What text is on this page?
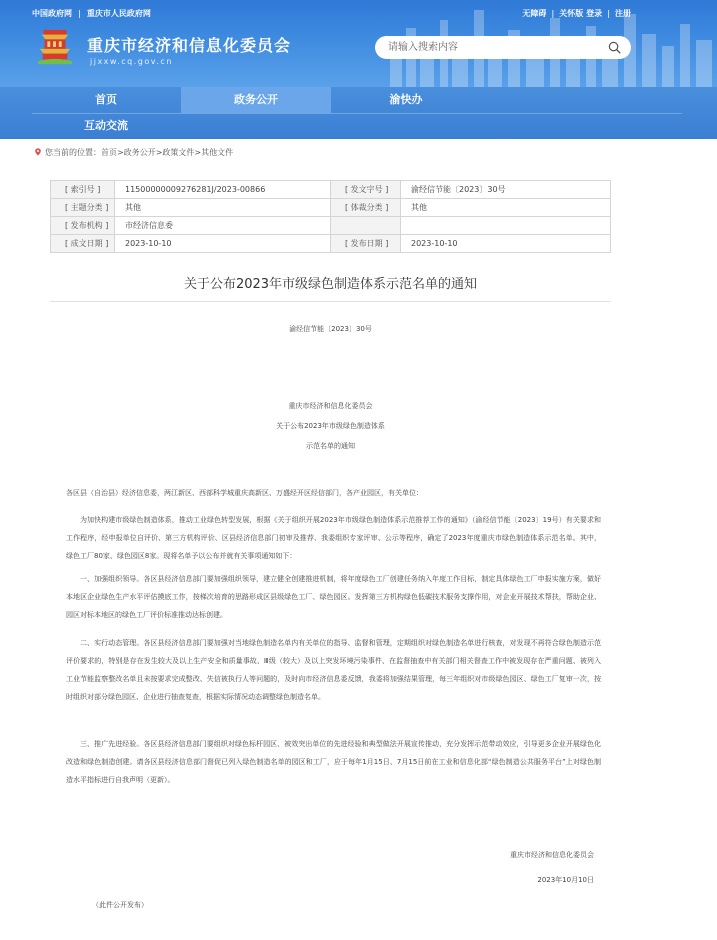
中国政府网 | 重庆市人民政府网	无障碍 | 关怀版 登录 | 注册
重庆市经济和信息化委员会
jjxxw.cq.gov.cn
请输入搜索内容
首页	政务公开	渝快办
互动交流
您当前的位置：首页>政务公开>政策文件>其他文件
[ 索引号 ]	11500000009276281J/2023-00866	[ 发文字号 ]	渝经信节能〔2023〕30号
[ 主题分类 ]	其他	[ 体裁分类 ]	其他
[ 发布机构 ]	市经济信息委		
[ 成文日期 ]	2023-10-10	[ 发布日期 ]	2023-10-10
关于公布2023年市级绿色制造体系示范名单的通知
渝经信节能〔2023〕30号
重庆市经济和信息化委员会
关于公布2023年市级绿色制造体系
示范名单的通知
各区县（自治县）经济信息委，两江新区、西部科学城重庆高新区、万盛经开区经信部门，各产业园区，有关单位：
为加快构建市级绿色制造体系，推动工业绿色转型发展，根据《关于组织开展2023年市级绿色制造体系示范推荐工作的通知》（渝经信节能〔2023〕19号）有关要求和工作程序，经申报单位自评价、第三方机构评价、区县经济信息部门初审及推荐、我委组织专家评审、公示等程序，确定了2023年度重庆市绿色制造体系示范名单。其中，绿色工厂80家、绿色园区8家。现将名单予以公布并就有关事项通知如下：
一、加强组织领导。各区县经济信息部门要加强组织领导，建立健全创建推进机制，将年度绿色工厂创建任务纳入年度工作目标，制定具体绿色工厂申报实施方案，做好本地区企业绿色生产水平评估摸底工作，按梯次培育的思路形成区县级绿色工厂、绿色园区。发挥第三方机构绿色低碳技术服务支撑作用，对企业开展技术帮扶，帮助企业、园区对标本地区的绿色工厂评价标准推动达标创建。
二、实行动态管理。各区县经济信息部门要加强对当地绿色制造名单内有关单位的指导、监督和管理，定期组织对绿色制造名单进行核查，对发现不再符合绿色制造示范评价要求的，特别是存在发生较大及以上生产安全和质量事故、Ⅲ级（较大）及以上突发环境污染事件、在监督抽查中有关部门相关督查工作中被发现存在严重问题、被列入工业节能监察整改名单且未按要求完成整改、失信被执行人等问题的，及时向市经济信息委反馈，我委将加强结果管理，每三年组织对市级绿色园区、绿色工厂复审一次，按时组织对部分绿色园区、企业进行抽查复查，根据实际情况动态调整绿色制造名单。
三、推广先进经验。各区县经济信息部门要组织对绿色标杆园区、被效突出单位的先进经验和典型做法开展宣传推动，充分发挥示范带动效应，引导更多企业开展绿色化改造和绿色制造创建。请各区县经济信息部门督促已列入绿色制造名单的园区和工厂，应于每年1月15日、7月15日前在工业和信息化部“绿色制造公共服务平台”上对绿色制造水平指标进行自我声明（更新）。
重庆市经济和信息化委员会
2023年10月10日
（此件公开发布）
